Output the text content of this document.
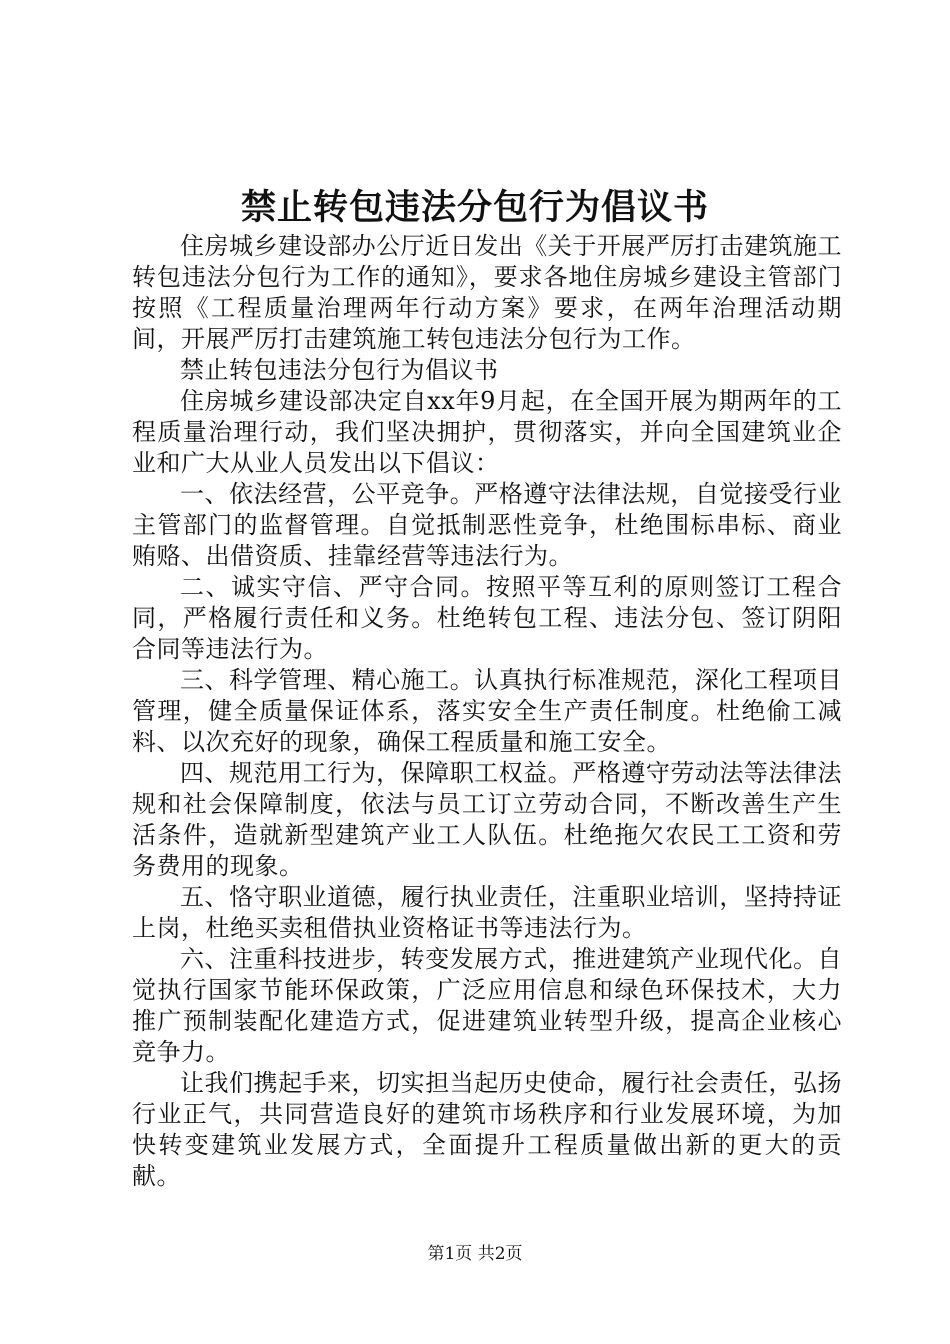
禁止转包违法分包行为倡议书

住房城乡建设部办公厅近日发出《关于开展严厉打击建筑施工转包违法分包行为工作的通知》，要求各地住房城乡建设主管部门按照《工程质量治理两年行动方案》要求，在两年治理活动期间，开展严厉打击建筑施工转包违法分包行为工作。

禁止转包违法分包行为倡议书

住房城乡建设部决定自xx年9月起，在全国开展为期两年的工程质量治理行动，我们坚决拥护，贯彻落实，并向全国建筑业企业和广大从业人员发出以下倡议：

一、依法经营，公平竞争。严格遵守法律法规，自觉接受行业主管部门的监督管理。自觉抵制恶性竞争，杜绝围标串标、商业贿赂、出借资质、挂靠经营等违法行为。

二、诚实守信、严守合同。按照平等互利的原则签订工程合同，严格履行责任和义务。杜绝转包工程、违法分包、签订阴阳合同等违法行为。

三、科学管理、精心施工。认真执行标准规范，深化工程项目管理，健全质量保证体系，落实安全生产责任制度。杜绝偷工减料、以次充好的现象，确保工程质量和施工安全。

四、规范用工行为，保障职工权益。严格遵守劳动法等法律法规和社会保障制度，依法与员工订立劳动合同，不断改善生产生活条件，造就新型建筑产业工人队伍。杜绝拖欠农民工工资和劳务费用的现象。

五、恪守职业道德，履行执业责任，注重职业培训，坚持持证上岗，杜绝买卖租借执业资格证书等违法行为。

六、注重科技进步，转变发展方式，推进建筑产业现代化。自觉执行国家节能环保政策，广泛应用信息和绿色环保技术，大力推广预制装配化建造方式，促进建筑业转型升级，提高企业核心竞争力。

让我们携起手来，切实担当起历史使命，履行社会责任，弘扬行业正气，共同营造良好的建筑市场秩序和行业发展环境，为加快转变建筑业发展方式，全面提升工程质量做出新的更大的贡献。

第1页 共2页
